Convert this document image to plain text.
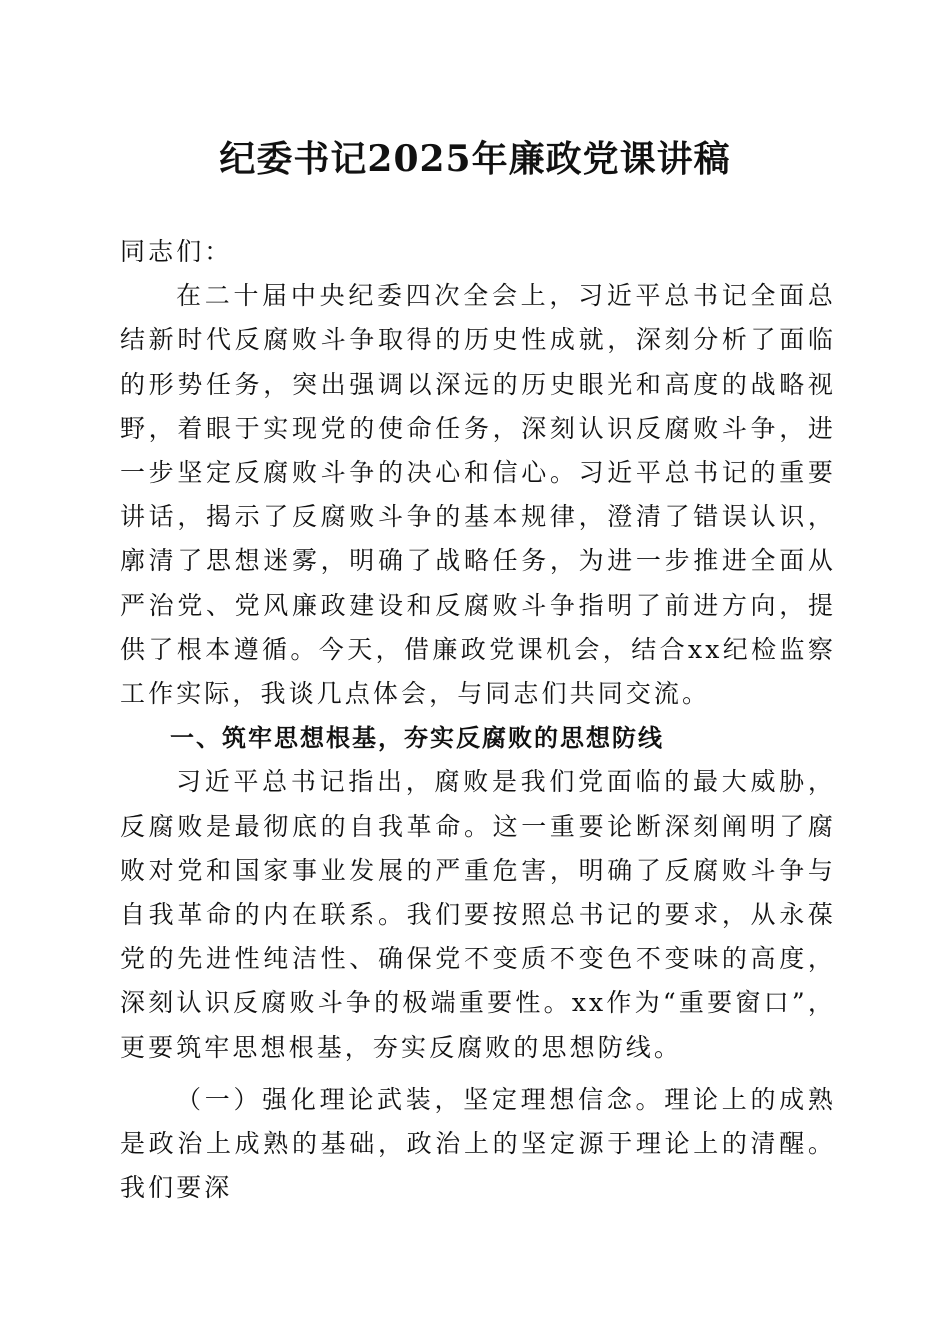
纪委书记2025年廉政党课讲稿

同志们：

在二十届中央纪委四次全会上，习近平总书记全面总结新时代反腐败斗争取得的历史性成就，深刻分析了面临的形势任务，突出强调以深远的历史眼光和高度的战略视野，着眼于实现党的使命任务，深刻认识反腐败斗争，进一步坚定反腐败斗争的决心和信心。习近平总书记的重要讲话，揭示了反腐败斗争的基本规律，澄清了错误认识，廓清了思想迷雾，明确了战略任务，为进一步推进全面从严治党、党风廉政建设和反腐败斗争指明了前进方向，提供了根本遵循。今天，借廉政党课机会，结合xx纪检监察工作实际，我谈几点体会，与同志们共同交流。

一、筑牢思想根基，夯实反腐败的思想防线

习近平总书记指出，腐败是我们党面临的最大威胁，反腐败是最彻底的自我革命。这一重要论断深刻阐明了腐败对党和国家事业发展的严重危害，明确了反腐败斗争与自我革命的内在联系。我们要按照总书记的要求，从永葆党的先进性纯洁性、确保党不变质不变色不变味的高度，深刻认识反腐败斗争的极端重要性。xx作为“重要窗口”，更要筑牢思想根基，夯实反腐败的思想防线。

（一）强化理论武装，坚定理想信念。理论上的成熟是政治上成熟的基础，政治上的坚定源于理论上的清醒。我们要深
